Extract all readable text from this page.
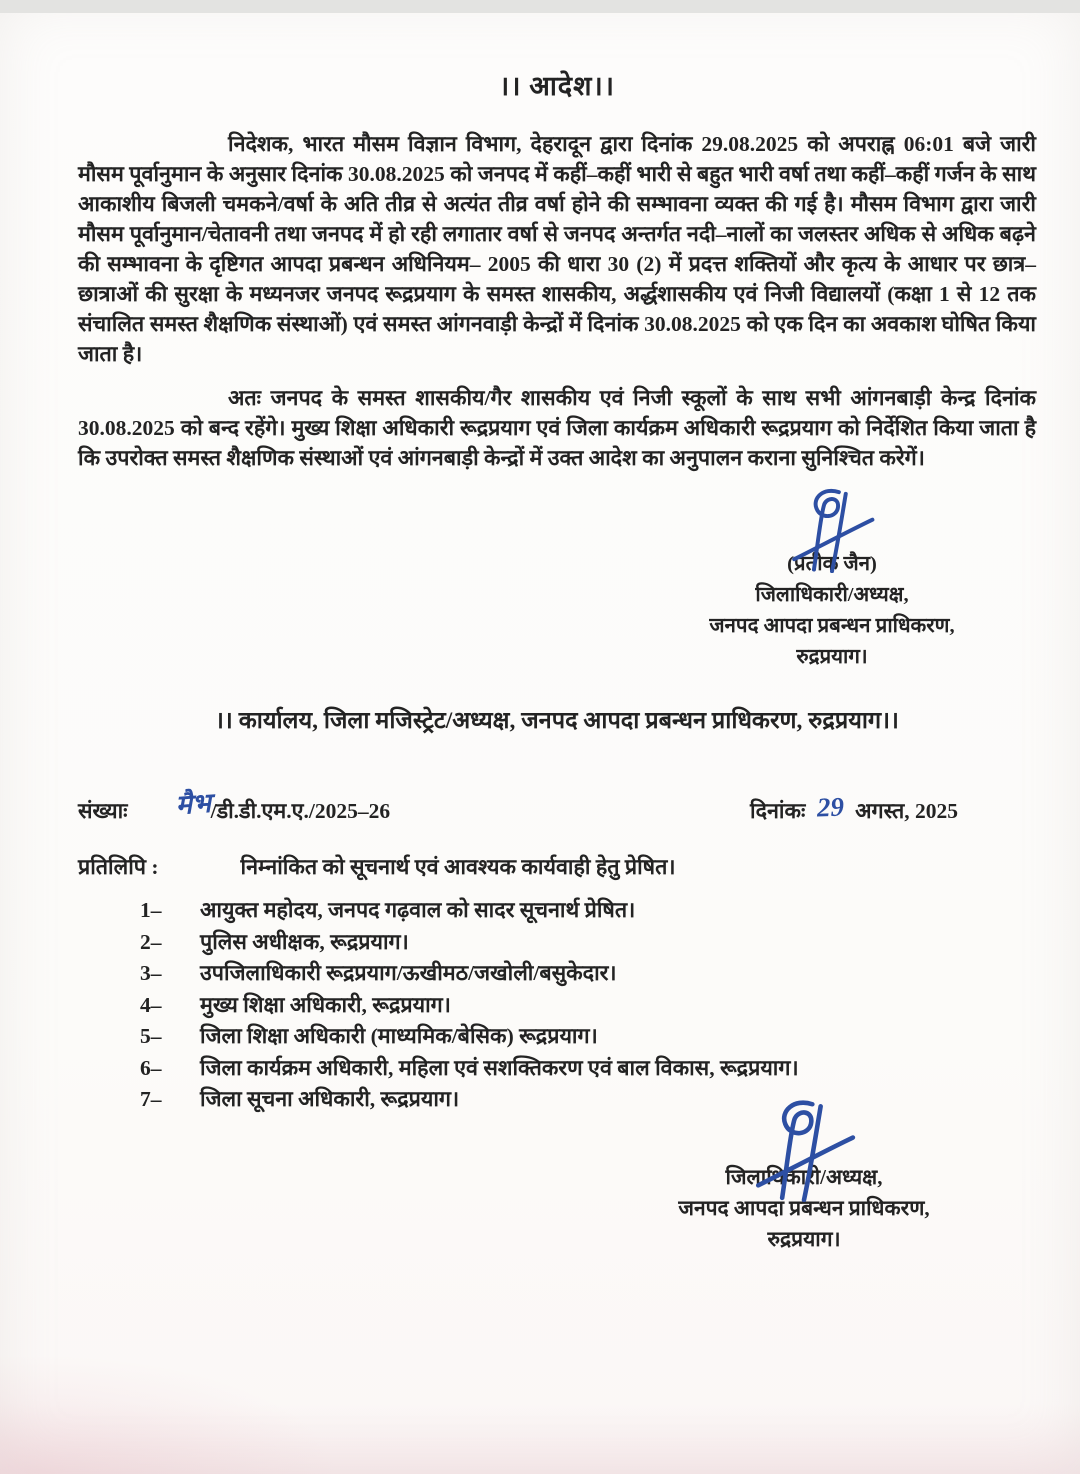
।। आदेश।।

निदेशक, भारत मौसम विज्ञान विभाग, देहरादून द्वारा दिनांक 29.08.2025 को अपराह्न 06:01 बजे जारी मौसम पूर्वानुमान के अनुसार दिनांक 30.08.2025 को जनपद में कहीं–कहीं भारी से बहुत भारी वर्षा तथा कहीं–कहीं गर्जन के साथ आकाशीय बिजली चमकने/वर्षा के अति तीव्र से अत्यंत तीव्र वर्षा होने की सम्भावना व्यक्त की गई है। मौसम विभाग द्वारा जारी मौसम पूर्वानुमान/चेतावनी तथा जनपद में हो रही लगातार वर्षा से जनपद अन्तर्गत नदी–नालों का जलस्तर अधिक से अधिक बढ़ने की सम्भावना के दृष्टिगत आपदा प्रबन्धन अधिनियम– 2005 की धारा 30 (2) में प्रदत्त शक्तियों और कृत्य के आधार पर छात्र–छात्राओं की सुरक्षा के मध्यनजर जनपद रूद्रप्रयाग के समस्त शासकीय, अर्द्धशासकीय एवं निजी विद्यालयों (कक्षा 1 से 12 तक संचालित समस्त शैक्षणिक संस्थाओं) एवं समस्त आंगनवाड़ी केन्द्रों में दिनांक 30.08.2025 को एक दिन का अवकाश घोषित किया जाता है।

अतः जनपद के समस्त शासकीय/गैर शासकीय एवं निजी स्कूलों के साथ सभी आंगनबाड़ी केन्द्र दिनांक 30.08.2025 को बन्द रहेंगे। मुख्य शिक्षा अधिकारी रूद्रप्रयाग एवं जिला कार्यक्रम अधिकारी रूद्रप्रयाग को निर्देशित किया जाता है कि उपरोक्त समस्त शैक्षणिक संस्थाओं एवं आंगनबाड़ी केन्द्रों में उक्त आदेश का अनुपालन कराना सुनिश्चित करेगें।

(प्रतीक जैन)
जिलाधिकारी/अध्यक्ष,
जनपद आपदा प्रबन्धन प्राधिकरण,
रुद्रप्रयाग।
।। कार्यालय, जिला मजिस्ट्रेट/अध्यक्ष, जनपद आपदा प्रबन्धन प्राधिकरण, रुद्रप्रयाग।।
संख्याः मैभ /डी.डी.एम.ए./2025–26	दिनांकः 29 अगस्त, 2025
प्रतिलिपि :	निम्नांकित को सूचनार्थ एवं आवश्यक कार्यवाही हेतु प्रेषित।
1–	आयुक्त महोदय, जनपद गढ़वाल को सादर सूचनार्थ प्रेषित।
2–	पुलिस अधीक्षक, रूद्रप्रयाग।
3–	उपजिलाधिकारी रूद्रप्रयाग/ऊखीमठ/जखोली/बसुकेदार।
4–	मुख्य शिक्षा अधिकारी, रूद्रप्रयाग।
5–	जिला शिक्षा अधिकारी (माध्यमिक/बेसिक) रूद्रप्रयाग।
6–	जिला कार्यक्रम अधिकारी, महिला एवं सशक्तिकरण एवं बाल विकास, रूद्रप्रयाग।
7–	जिला सूचना अधिकारी, रूद्रप्रयाग।
जिलाधिकारी/अध्यक्ष,
जनपद आपदा प्रबन्धन प्राधिकरण,
रुद्रप्रयाग।
